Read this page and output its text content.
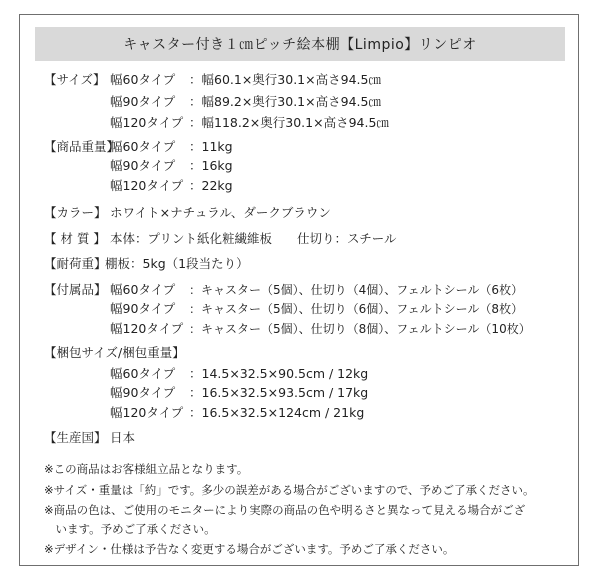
キャスター付き１㎝ピッチ絵本棚【Limpio】リンピオ
【サイズ】 幅60タイプ ：幅60.1×奥行30.1×高さ94.5㎝
幅90タイプ ：幅89.2×奥行30.1×高さ94.5㎝
幅120タイプ ：幅118.2×奥行30.1×高さ94.5㎝
【商品重量】
幅60タイプ ：11kg
幅90タイプ ：16kg
幅120タイプ ：22kg
【カラー】 ホワイト×ナチュラル、ダークブラウン
【 材 質 】 本体：プリント紙化粧繊維板　　仕切り：スチール
【耐荷重】
棚板：5kg（1段当たり）
【付属品】 幅60タイプ ：キャスター（5個）、仕切り（4個）、フェルトシール（6枚）
幅90タイプ ：キャスター（5個）、仕切り（6個）、フェルトシール（8枚）
幅120タイプ ：キャスター（5個）、仕切り（8個）、フェルトシール（10枚）
【梱包サイズ/梱包重量】
幅60タイプ ：14.5×32.5×90.5cm / 12kg
幅90タイプ ：16.5×32.5×93.5cm / 17kg
幅120タイプ ：16.5×32.5×124cm / 21kg
【生産国】 日本
※この商品はお客様組立品となります。
※サイズ・重量は「約」です。多少の誤差がある場合がございますので、予めご了承ください。
※商品の色は、ご使用のモニターにより実際の商品の色や明るさと異なって見える場合がござ
　います。予めご了承ください。
※デザイン・仕様は予告なく変更する場合がございます。予めご了承ください。
